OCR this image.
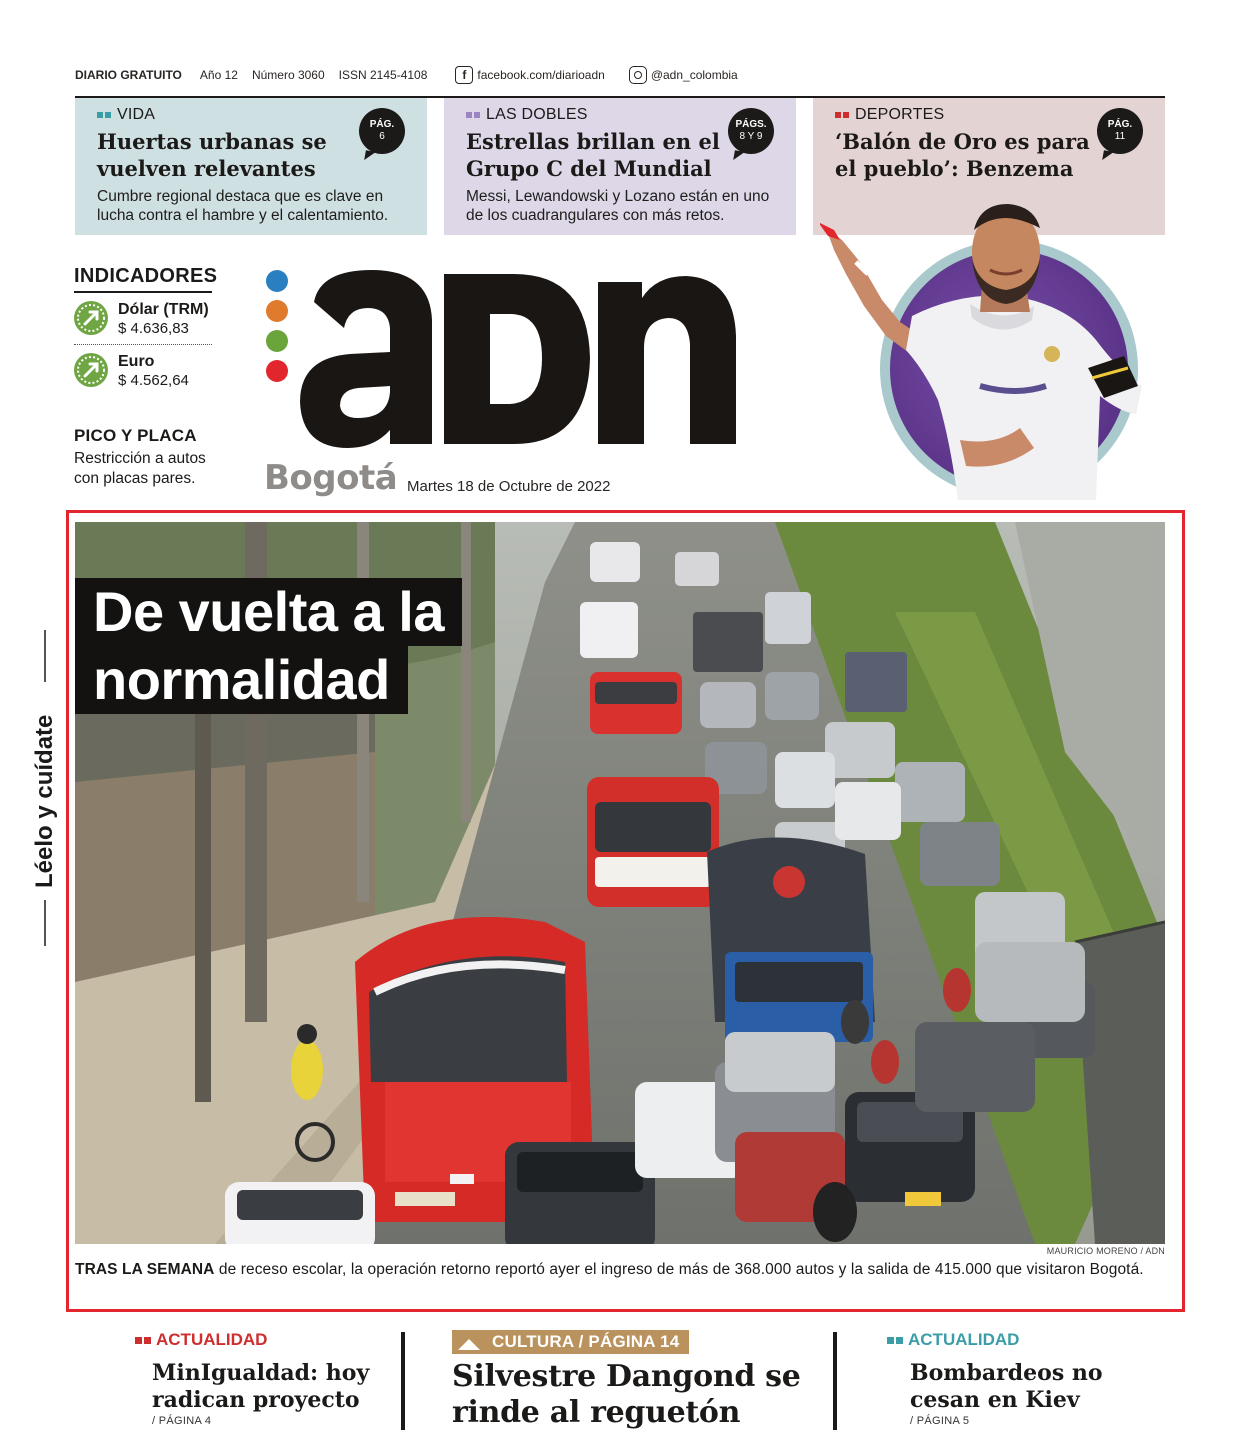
DIARIO GRATUITO Año 12 Número 3060 ISSN 2145-4108	f facebook.com/diarioadn	@adn_colombia
VIDA
Huertas urbanas se vuelven relevantes
Cumbre regional destaca que es clave en lucha contra el hambre y el calentamiento.
PÁG.
6
LAS DOBLES
Estrellas brillan en el Grupo C del Mundial
Messi, Lewandowski y Lozano están en uno de los cuadrangulares con más retos.
PÁGS.
8 Y 9
DEPORTES
‘Balón de Oro es para el pueblo’: Benzema
PÁG.
11
INDICADORES
Dólar (TRM)
$ 4.636,83
Euro
$ 4.562,64
PICO Y PLACA
Restricción a autos con placas pares.	Bogotá Martes 18 de Octubre de 2022
De vuelta a la
normalidad
MAURICIO MORENO / ADN
TRAS LA SEMANA de receso escolar, la operación retorno reportó ayer el ingreso de más de 368.000 autos y la salida de 415.000 que visitaron Bogotá.
Léelo y cuídate
ACTUALIDAD
MinIgualdad: hoy radican proyecto
/ PÁGINA 4
CULTURA / PÁGINA 14
Silvestre Dangond se rinde al reguetón
ACTUALIDAD
Bombardeos no cesan en Kiev
/ PÁGINA 5
